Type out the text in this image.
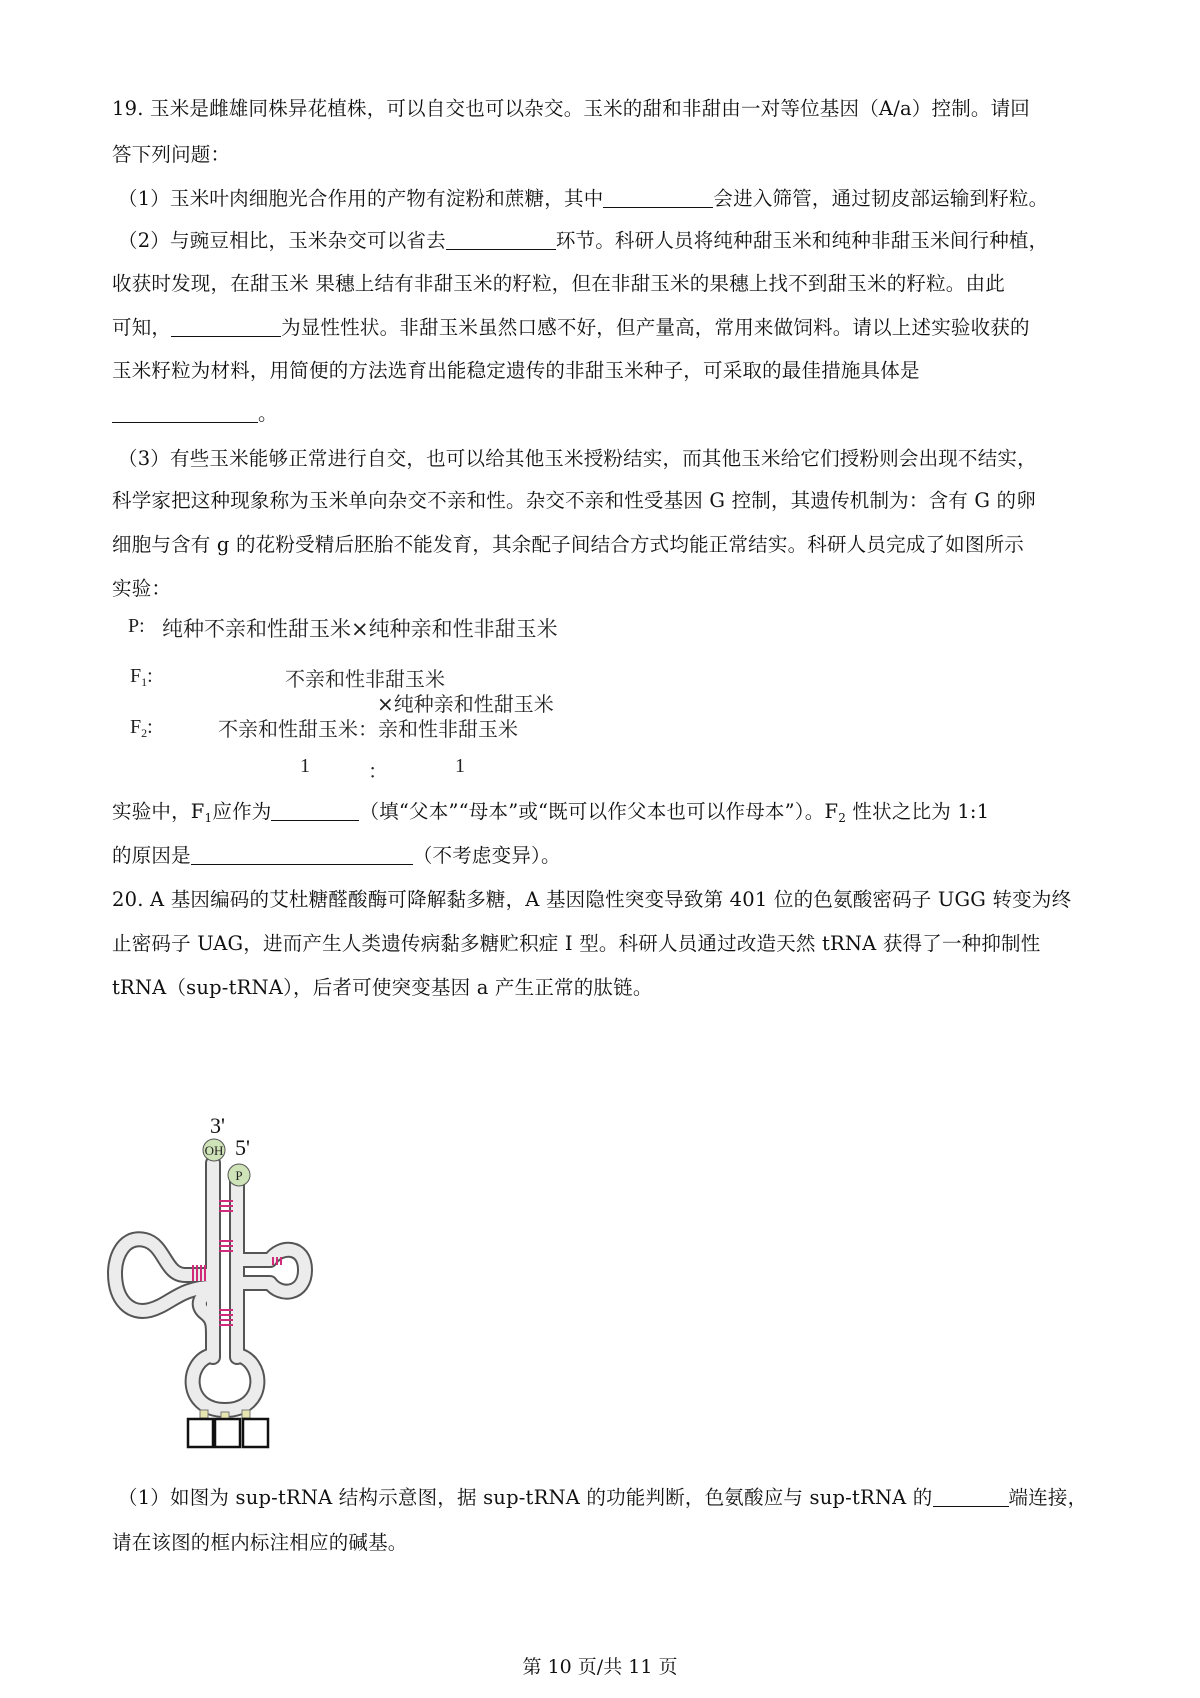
19. 玉米是雌雄同株异花植株，可以自交也可以杂交。玉米的甜和非甜由一对等位基因（A/a）控制。请回
答下列问题：
（1）玉米叶肉细胞光合作用的产物有淀粉和蔗糖，其中	会进入筛管，通过韧皮部运输到籽粒。
（2）与豌豆相比，玉米杂交可以省去	环节。科研人员将纯种甜玉米和纯种非甜玉米间行种植，
收获时发现，在甜玉米 果穗上结有非甜玉米的籽粒，但在非甜玉米的果穗上找不到甜玉米的籽粒。由此
可知，	为显性性状。非甜玉米虽然口感不好，但产量高，常用来做饲料。请以上述实验收获的
玉米籽粒为材料，用简便的方法选育出能稳定遗传的非甜玉米种子，可采取的最佳措施具体是
。
（3）有些玉米能够正常进行自交，也可以给其他玉米授粉结实，而其他玉米给它们授粉则会出现不结实，
科学家把这种现象称为玉米单向杂交不亲和性。杂交不亲和性受基因 G 控制，其遗传机制为：含有 G 的卵
细胞与含有 g 的花粉受精后胚胎不能发育，其余配子间结合方式均能正常结实。科研人员完成了如图所示
实验：
P: 纯种不亲和性甜玉米×纯种亲和性非甜玉米
$F_1$:	不亲和性非甜玉米
×纯种亲和性甜玉米
$F_2$:	不亲和性甜玉米：亲和性非甜玉米
1	：	1
实验中，$F_1$应作为	（填“父本”“母本”或“既可以作父本也可以作母本”）。$F_2$ 性状之比为 1:1
的原因是	（不考虑变异）。
20. A 基因编码的艾杜糖醛酸酶可降解黏多糖，A 基因隐性突变导致第 401 位的色氨酸密码子 UGG 转变为终
止密码子 UAG，进而产生人类遗传病黏多糖贮积症 I 型。科研人员通过改造天然 tRNA 获得了一种抑制性
tRNA（sup-tRNA），后者可使突变基因 a 产生正常的肽链。
OH
P
3'
5'
（1）如图为 sup-tRNA 结构示意图，据 sup-tRNA 的功能判断，色氨酸应与 sup-tRNA 的	端连接，
请在该图的框内标注相应的碱基。
第 10 页/共 11 页
